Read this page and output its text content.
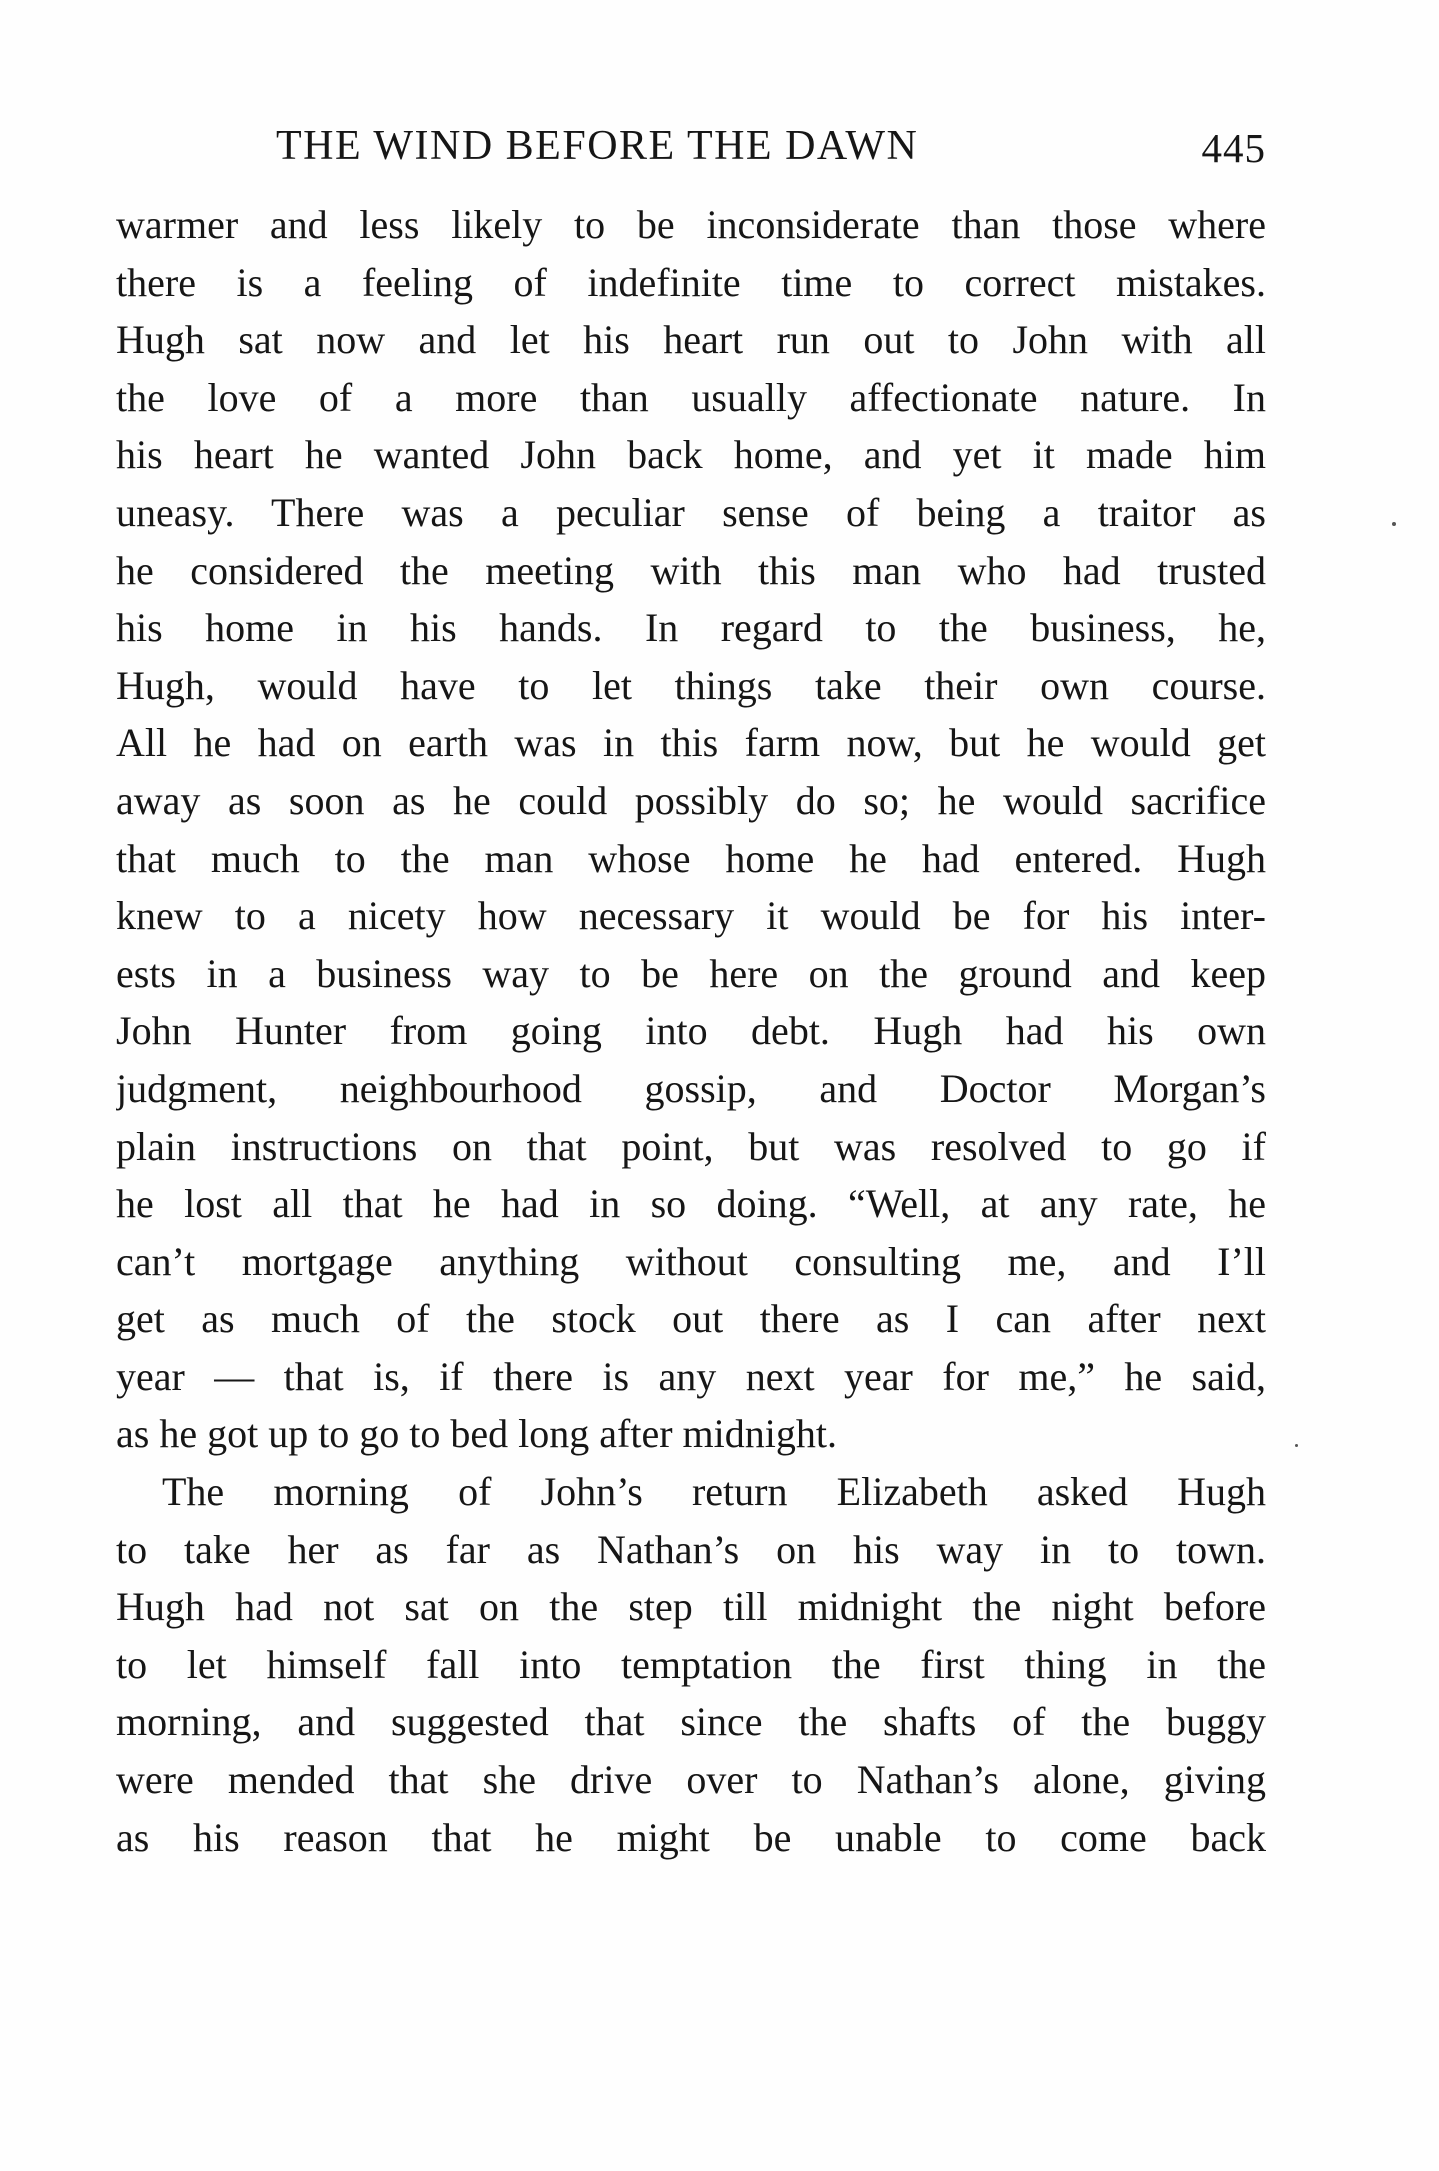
THE WIND BEFORE THE DAWN	445
warmer and less likely to be inconsiderate than those where
there is a feeling of indefinite time to correct mistakes.
Hugh sat now and let his heart run out to John with all
the love of a more than usually affectionate nature. In
his heart he wanted John back home, and yet it made him
uneasy. There was a peculiar sense of being a traitor as
he considered the meeting with this man who had trusted
his home in his hands. In regard to the business, he,
Hugh, would have to let things take their own course.
All he had on earth was in this farm now, but he would get
away as soon as he could possibly do so; he would sacrifice
that much to the man whose home he had entered. Hugh
knew to a nicety how necessary it would be for his inter-
ests in a business way to be here on the ground and keep
John Hunter from going into debt. Hugh had his own
judgment, neighbourhood gossip, and Doctor Morgan’s
plain instructions on that point, but was resolved to go if
he lost all that he had in so doing. “Well, at any rate, he
can’t mortgage anything without consulting me, and I’ll
get as much of the stock out there as I can after next
year — that is, if there is any next year for me,” he said,
as he got up to go to bed long after midnight.
The morning of John’s return Elizabeth asked Hugh
to take her as far as Nathan’s on his way in to town.
Hugh had not sat on the step till midnight the night before
to let himself fall into temptation the first thing in the
morning, and suggested that since the shafts of the buggy
were mended that she drive over to Nathan’s alone, giving
as his reason that he might be unable to come back
